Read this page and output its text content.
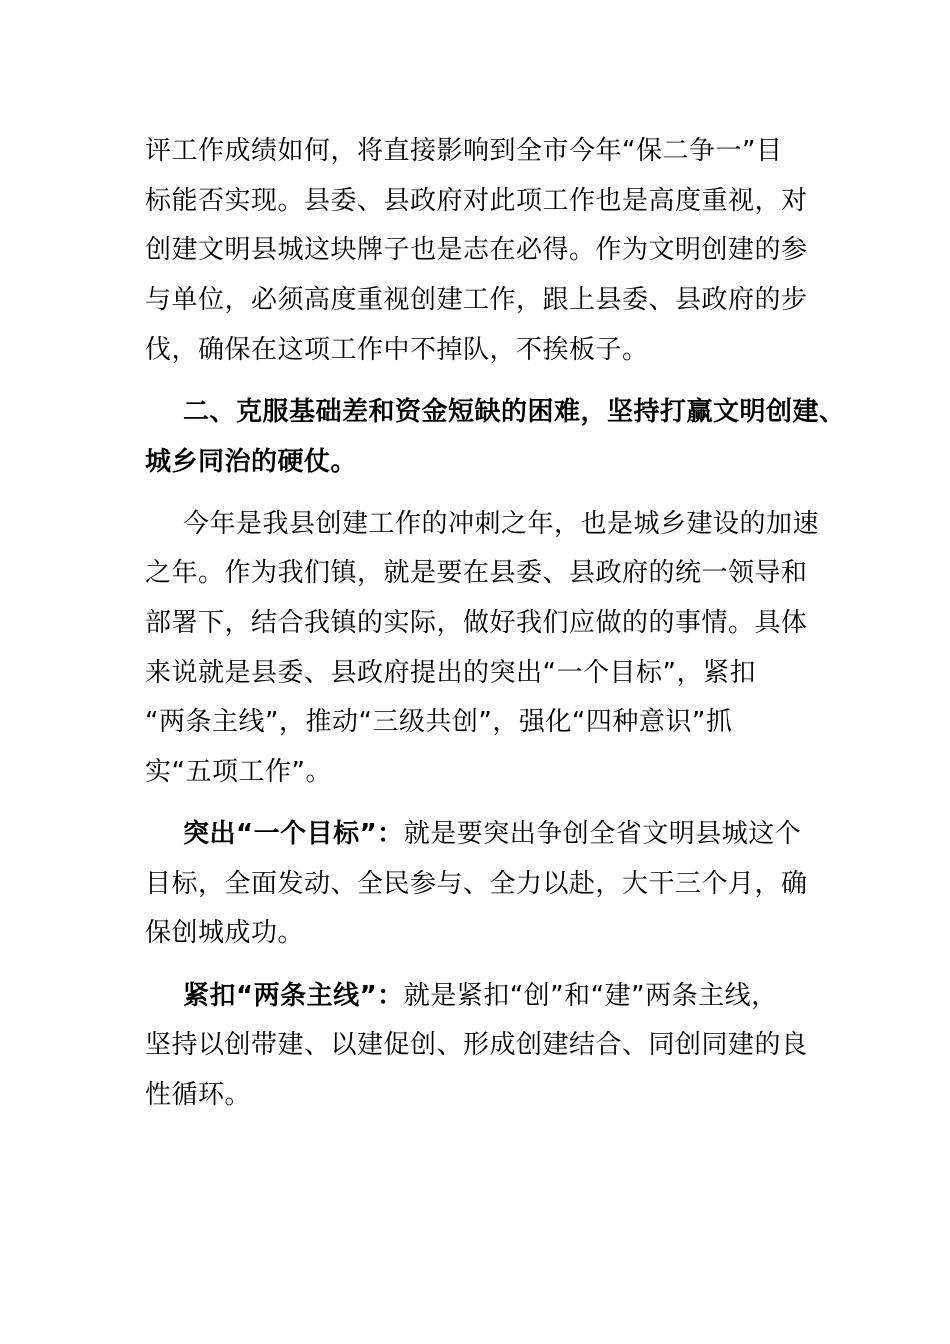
评工作成绩如何，将直接影响到全市今年“保二争一”目
标能否实现。县委、县政府对此项工作也是高度重视，对
创建文明县城这块牌子也是志在必得。作为文明创建的参
与单位，必须高度重视创建工作，跟上县委、县政府的步
伐，确保在这项工作中不掉队，不挨板子。
二、克服基础差和资金短缺的困难，坚持打赢文明创建、
城乡同治的硬仗。
今年是我县创建工作的冲刺之年，也是城乡建设的加速
之年。作为我们镇，就是要在县委、县政府的统一领导和
部署下，结合我镇的实际，做好我们应做的的事情。具体
来说就是县委、县政府提出的突出“一个目标”，紧扣
“两条主线”，推动“三级共创”，强化“四种意识”抓
实“五项工作”。
突出“一个目标”：就是要突出争创全省文明县城这个
目标，全面发动、全民参与、全力以赴，大干三个月，确
保创城成功。
紧扣“两条主线”：就是紧扣“创”和“建”两条主线，
坚持以创带建、以建促创、形成创建结合、同创同建的良
性循环。
